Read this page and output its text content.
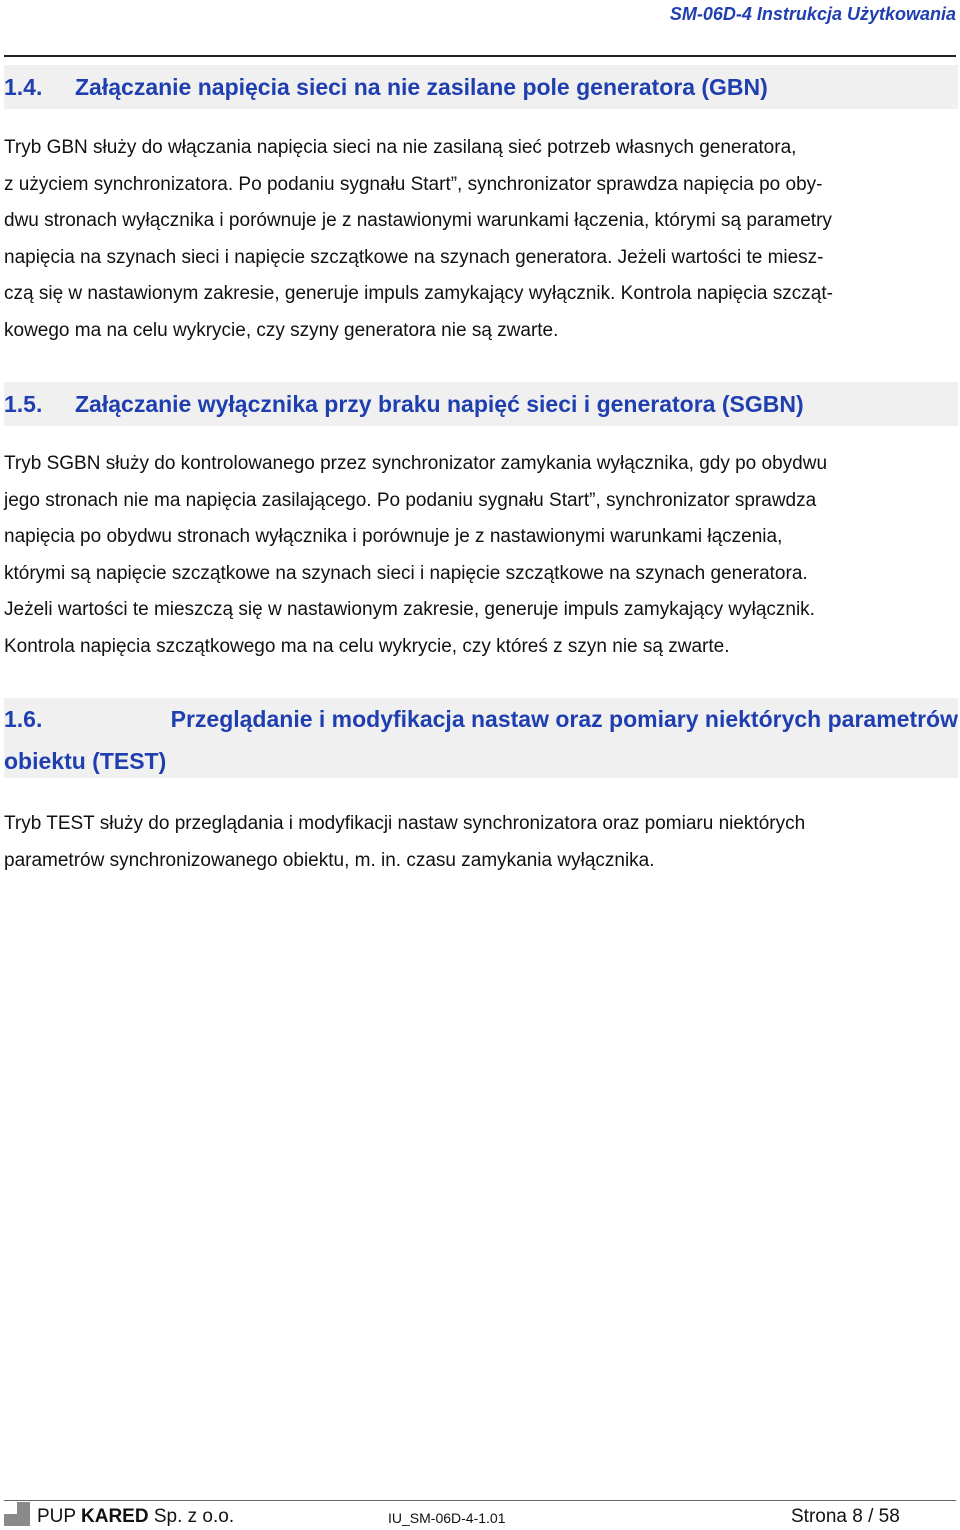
SM-06D-4 Instrukcja Użytkowania
1.4. Załączanie napięcia sieci na nie zasilane pole generatora (GBN)
Tryb GBN służy do włączania napięcia sieci na nie zasilaną sieć potrzeb własnych generatora,
z użyciem synchronizatora. Po podaniu sygnału Start”, synchronizator sprawdza napięcia po oby-
dwu stronach wyłącznika i porównuje je z nastawionymi warunkami łączenia, którymi są parametry
napięcia na szynach sieci i napięcie szczątkowe na szynach generatora. Jeżeli wartości te miesz-
czą się w nastawionym zakresie, generuje impuls zamykający wyłącznik. Kontrola napięcia szcząt-
kowego ma na celu wykrycie, czy szyny generatora nie są zwarte.
1.5. Załączanie wyłącznika przy braku napięć sieci i generatora (SGBN)
Tryb SGBN służy do kontrolowanego przez synchronizator zamykania wyłącznika, gdy po obydwu
jego stronach nie ma napięcia zasilającego. Po podaniu sygnału Start”, synchronizator sprawdza
napięcia po obydwu stronach wyłącznika i porównuje je z nastawionymi warunkami łączenia,
którymi są napięcie szczątkowe na szynach sieci i napięcie szczątkowe na szynach generatora.
Jeżeli wartości te mieszczą się w nastawionym zakresie, generuje impuls zamykający wyłącznik.
Kontrola napięcia szczątkowego ma na celu wykrycie, czy któreś z szyn nie są zwarte.
1.6.	Przeglądanie i modyfikacja nastaw oraz pomiary niektórych parametrów
obiektu (TEST)
Tryb TEST służy do przeglądania i modyfikacji nastaw synchronizatora oraz pomiaru niektórych
parametrów synchronizowanego obiektu, m. in. czasu zamykania wyłącznika.
PUP KARED Sp. z o.o.	IU_SM-06D-4-1.01	Strona 8 / 58
